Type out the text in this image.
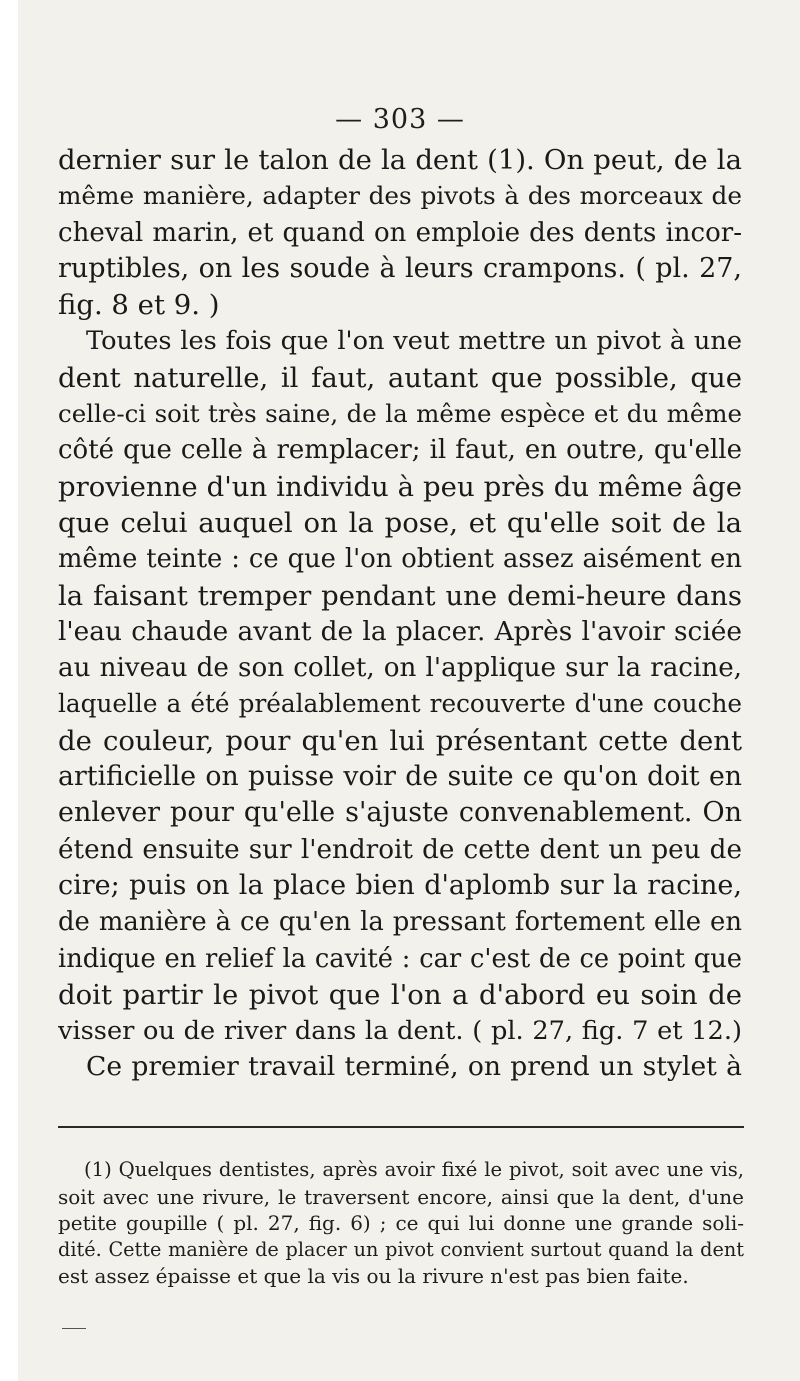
— 303 —
dernier sur le talon de la dent (1). On peut, de la
même manière, adapter des pivots à des morceaux de
cheval marin, et quand on emploie des dents incor-
ruptibles, on les soude à leurs crampons. ( pl. 27,
fig. 8 et 9. )
Toutes les fois que l'on veut mettre un pivot à une
dent naturelle, il faut, autant que possible, que
celle-ci soit très saine, de la même espèce et du même
côté que celle à remplacer; il faut, en outre, qu'elle
provienne d'un individu à peu près du même âge
que celui auquel on la pose, et qu'elle soit de la
même teinte : ce que l'on obtient assez aisément en
la faisant tremper pendant une demi-heure dans
l'eau chaude avant de la placer. Après l'avoir sciée
au niveau de son collet, on l'applique sur la racine,
laquelle a été préalablement recouverte d'une couche
de couleur, pour qu'en lui présentant cette dent
artificielle on puisse voir de suite ce qu'on doit en
enlever pour qu'elle s'ajuste convenablement. On
étend ensuite sur l'endroit de cette dent un peu de
cire; puis on la place bien d'aplomb sur la racine,
de manière à ce qu'en la pressant fortement elle en
indique en relief la cavité : car c'est de ce point que
doit partir le pivot que l'on a d'abord eu soin de
visser ou de river dans la dent. ( pl. 27, fig. 7 et 12.)
Ce premier travail terminé, on prend un stylet à
(1) Quelques dentistes, après avoir fixé le pivot, soit avec une vis,
soit avec une rivure, le traversent encore, ainsi que la dent, d'une
petite goupille ( pl. 27, fig. 6) ; ce qui lui donne une grande soli-
dité. Cette manière de placer un pivot convient surtout quand la dent
est assez épaisse et que la vis ou la rivure n'est pas bien faite.
